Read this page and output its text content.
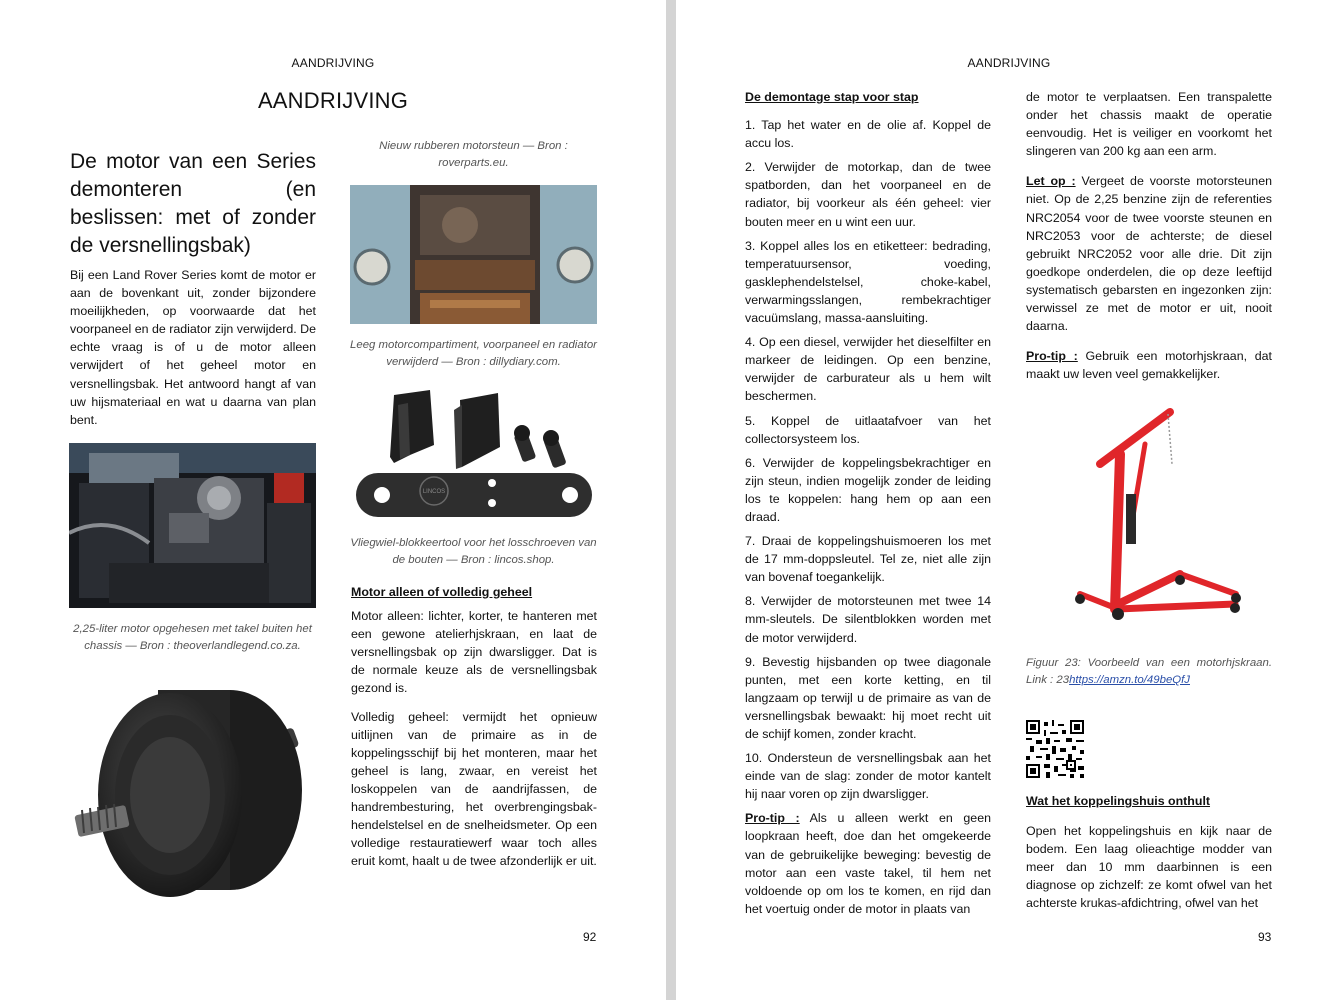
AANDRIJVING
AANDRIJVING
De motor van een Series demonteren (en beslissen: met of zonder de versnellingsbak)

Bij een Land Rover Series komt de motor er aan de bovenkant uit, zonder bijzondere moeilijkheden, op voorwaarde dat het voorpaneel en de radiator zijn verwijderd. De echte vraag is of u de motor alleen verwijdert of het geheel motor en versnellingsbak. Het antwoord hangt af van uw hijsmateriaal en wat u daarna van plan bent.

2,25-liter motor opgehesen met takel buiten het chassis — Bron : theoverlandlegend.co.za.

Nieuw rubberen motorsteun — Bron : roverparts.eu.

Leeg motorcompartiment, voorpaneel en radiator verwijderd — Bron : dillydiary.com.

LINCOS

Vliegwiel-blokkeertool voor het losschroeven van de bouten — Bron : lincos.shop.

Motor alleen of volledig geheel

Motor alleen: lichter, korter, te hanteren met een gewone atelierhjskraan, en laat de versnellingsbak op zijn dwarsligger. Dat is de normale keuze als de versnellingsbak gezond is.

Volledig geheel: vermijdt het opnieuw uitlijnen van de primaire as in de koppelingsschijf bij het monteren, maar het geheel is lang, zwaar, en vereist het loskoppelen van de aandrijfassen, de handrembesturing, het overbrengingsbak-hendelstelsel en de snelheidsmeter. Op een volledige restauratiewerf waar toch alles eruit komt, haalt u de twee afzonderlijk er uit.

92
AANDRIJVING

De demontage stap voor stap

1. Tap het water en de olie af. Koppel de accu los.

2. Verwijder de motorkap, dan de twee spatborden, dan het voorpaneel en de radiator, bij voorkeur als één geheel: vier bouten meer en u wint een uur.

3. Koppel alles los en etiketteer: bedrading, temperatuursensor, voeding, gasklephendelstelsel, choke-kabel, verwarmingsslangen, rembekrachtiger vacuümslang, massa-aansluiting.

4. Op een diesel, verwijder het dieselfilter en markeer de leidingen. Op een benzine, verwijder de carburateur als u hem wilt beschermen.

5. Koppel de uitlaatafvoer van het collectorsysteem los.

6. Verwijder de koppelingsbekrachtiger en zijn steun, indien mogelijk zonder de leiding los te koppelen: hang hem op aan een draad.

7. Draai de koppelingshuismoeren los met de 17 mm-doppsleutel. Tel ze, niet alle zijn van bovenaf toegankelijk.

8. Verwijder de motorsteunen met twee 14 mm-sleutels. De silentblokken worden met de motor verwijderd.

9. Bevestig hijsbanden op twee diagonale punten, met een korte ketting, en til langzaam op terwijl u de primaire as van de versnellingsbak bewaakt: hij moet recht uit de schijf komen, zonder kracht.

10. Ondersteun de versnellingsbak aan het einde van de slag: zonder de motor kantelt hij naar voren op zijn dwarsligger.

Pro-tip : Als u alleen werkt en geen loopkraan heeft, doe dan het omgekeerde van de gebruikelijke beweging: bevestig de motor aan een vaste takel, til hem net voldoende op om los te komen, en rijd dan het voertuig onder de motor in plaats van

de motor te verplaatsen. Een transpalette onder het chassis maakt de operatie eenvoudig. Het is veiliger en voorkomt het slingeren van 200 kg aan een arm.

Let op : Vergeet de voorste motorsteunen niet. Op de 2,25 benzine zijn de referenties NRC2054 voor de twee voorste steunen en NRC2053 voor de achterste; de diesel gebruikt NRC2052 voor alle drie. Dit zijn goedkope onderdelen, die op deze leeftijd systematisch gebarsten en ingezonken zijn: verwissel ze met de motor er uit, nooit daarna.

Pro-tip : Gebruik een motorhjskraan, dat maakt uw leven veel gemakkelijker.

Figuur 23: Voorbeeld van een motorhjskraan. Link : 23https://amzn.to/49beQfJ

Wat het koppelingshuis onthult

Open het koppelingshuis en kijk naar de bodem. Een laag olieachtige modder van meer dan 10 mm daarbinnen is een diagnose op zichzelf: ze komt ofwel van het achterste krukas-afdichtring, ofwel van het

93
